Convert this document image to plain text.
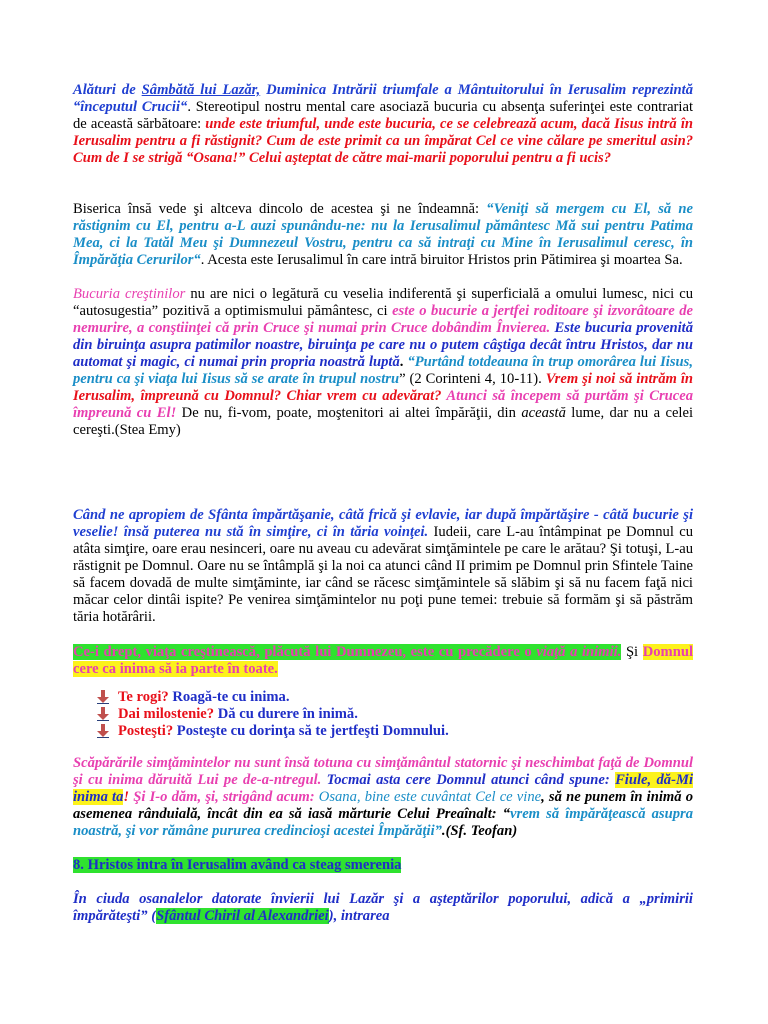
Alături de Sâmbătă lui Lazăr, Duminica Intrării triumfale a Mântuitorului în Ierusalim reprezintă “începutul Crucii“. Stereotipul nostru mental care asociază bucuria cu absenţa suferinţei este contrariat de această sărbătoare: unde este triumful, unde este bucuria, ce se celebrează acum, dacă Iisus intră în Ierusalim pentru a fi răstignit? Cum de este primit ca un împărat Cel ce vine călare pe smeritul asin? Cum de I se strigă “Osana!” Celui aşteptat de către mai-marii poporului pentru a fi ucis?

Biserica însă vede şi altceva dincolo de acestea şi ne îndeamnă: “Veniţi să mergem cu El, să ne răstignim cu El, pentru a-L auzi spunându-ne: nu la Ierusalimul pământesc Mă sui pentru Patima Mea, ci la Tatăl Meu şi Dumnezeul Vostru, pentru ca să intraţi cu Mine în Ierusalimul ceresc, în Împărăţia Cerurilor“. Acesta este Ierusalimul în care intră biruitor Hristos prin Pătimirea şi moartea Sa.

Bucuria creştinilor nu are nici o legătură cu veselia indiferentă şi superficială a omului lumesc, nici cu “autosugestia” pozitivă a optimismului pământesc, ci este o bucurie a jertfei roditoare şi izvorâtoare de nemurire, a conştiinţei că prin Cruce şi numai prin Cruce dobândim Învierea. Este bucuria provenită din biruinţa asupra patimilor noastre, biruinţa pe care nu o putem câştiga decât întru Hristos, dar nu automat şi magic, ci numai prin propria noastră luptă. “Purtând totdeauna în trup omorârea lui Iisus, pentru ca şi viaţa lui Iisus să se arate în trupul nostru” (2 Corinteni 4, 10-11). Vrem şi noi să intrăm în Ierusalim, împreună cu Domnul? Chiar vrem cu adevărat? Atunci să începem să purtăm şi Crucea împreună cu El! De nu, fi-vom, poate, moştenitori ai altei împărăţii, din această lume, dar nu a celei cereşti.(Stea Emy)

Când ne apropiem de Sfânta împărtăşanie, câtă frică şi evlavie, iar după împărtăşire - câtă bucurie şi veselie! însă puterea nu stă în simţire, ci în tăria voinţei. Iudeii, care L-au întâmpinat pe Domnul cu atâta simţire, oare erau nesinceri, oare nu aveau cu adevărat simţămintele pe care le arătau? Şi totuşi, L-au răstignit pe Domnul. Oare nu se întâmplă şi la noi ca atunci când II primim pe Domnul prin Sfintele Taine să facem dovadă de multe simţăminte, iar când se răcesc simţămintele să slăbim şi să nu facem faţă nici măcar celor dintâi ispite? Pe venirea simţămintelor nu poţi pune temei: trebuie să formăm şi să păstrăm tăria hotărârii.

Ce-i drept, viaţa creştinească, plăcută lui Dumnezeu, este cu precădere o viaţă a inimii. Şi Domnul cere ca inima să ia parte în toate.

Te rogi? Roagă-te cu inima.
Dai milostenie? Dă cu durere în inimă.
Posteşti? Posteşte cu dorinţa să te jertfeşti Domnului.

Scăpărările simţămintelor nu sunt însă totuna cu simţământul statornic şi neschimbat faţă de Domnul şi cu inima dăruită Lui pe de-a-ntregul. Tocmai asta cere Domnul atunci când spune: Fiule, dă-Mi inima ta! Şi I-o dăm, şi, strigând acum: Osana, bine este cuvântat Cel ce vine, să ne punem în inimă o asemenea rânduială, încât din ea să iasă mărturie Celui Preaînalt: “vrem să împărăţească asupra noastră, şi vor rămâne pururea credincioşi acestei Împărăţii”.(Sf. Teofan)

8. Hristos intra în Ierusalim având ca steag smerenia

În ciuda osanalelor datorate învierii lui Lazăr şi a aşteptărilor poporului, adică a „primirii împărăteşti” (Sfântul Chiril al Alexandriei), intrarea
